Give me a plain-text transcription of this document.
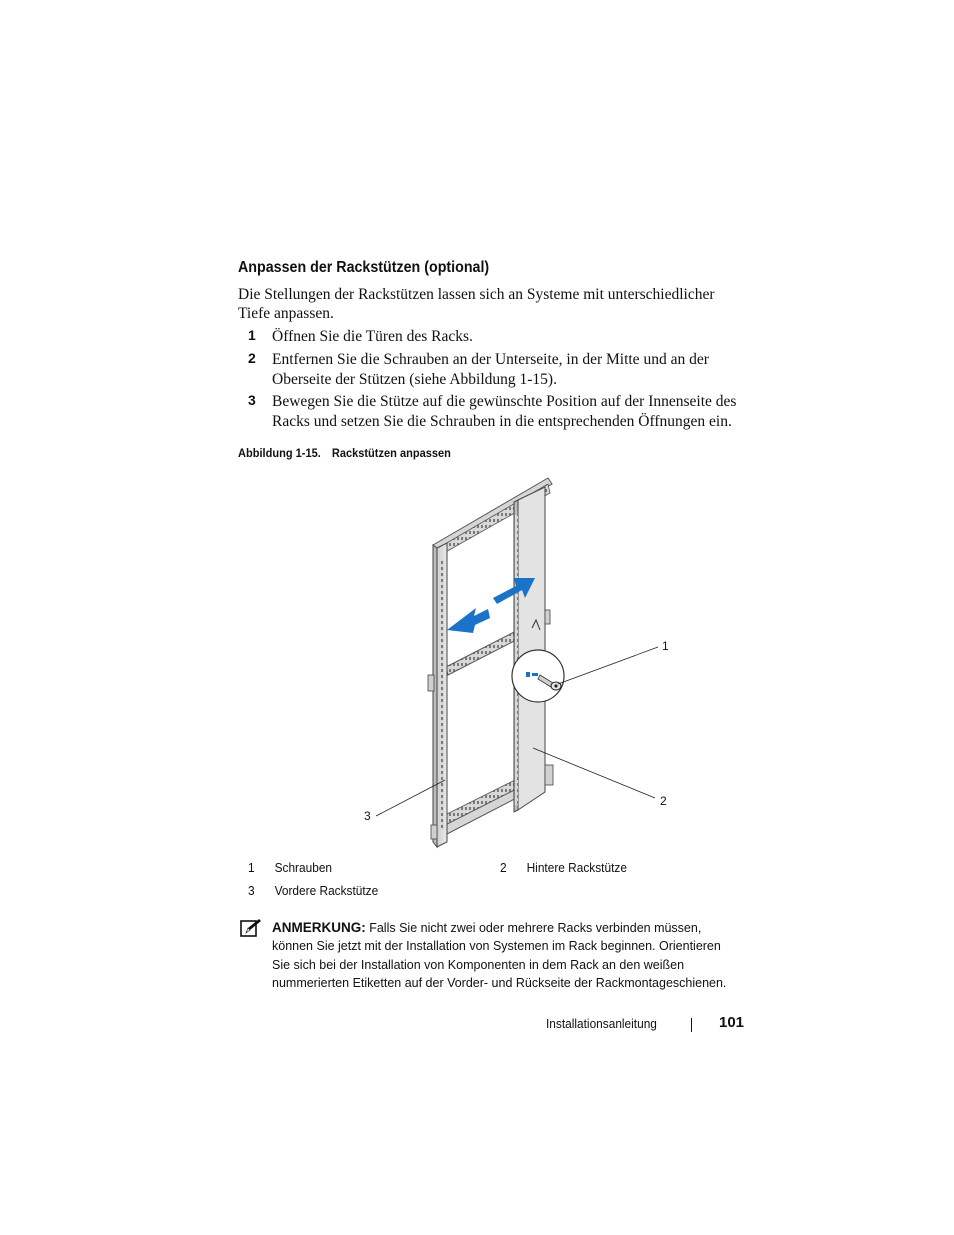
Anpassen der Rackstützen (optional)
Die Stellungen der Rackstützen lassen sich an Systeme mit unterschiedlicher Tiefe anpassen.
1 Öffnen Sie die Türen des Racks.
2 Entfernen Sie die Schrauben an der Unterseite, in der Mitte und an der Oberseite der Stützen (siehe Abbildung 1-15).
3 Bewegen Sie die Stütze auf die gewünschte Position auf der Innenseite des Racks und setzen Sie die Schrauben in die entsprechenden Öffnungen ein.
Abbildung 1-15. Rackstützen anpassen
1
2
3
1 Schrauben	2 Hintere Rackstütze
3 Vordere Rackstütze
ANMERKUNG: Falls Sie nicht zwei oder mehrere Racks verbinden müssen, können Sie jetzt mit der Installation von Systemen im Rack beginnen. Orientieren Sie sich bei der Installation von Komponenten in dem Rack an den weißen nummerierten Etiketten auf der Vorder- und Rückseite der Rackmontageschienen.
Installationsanleitung	101
